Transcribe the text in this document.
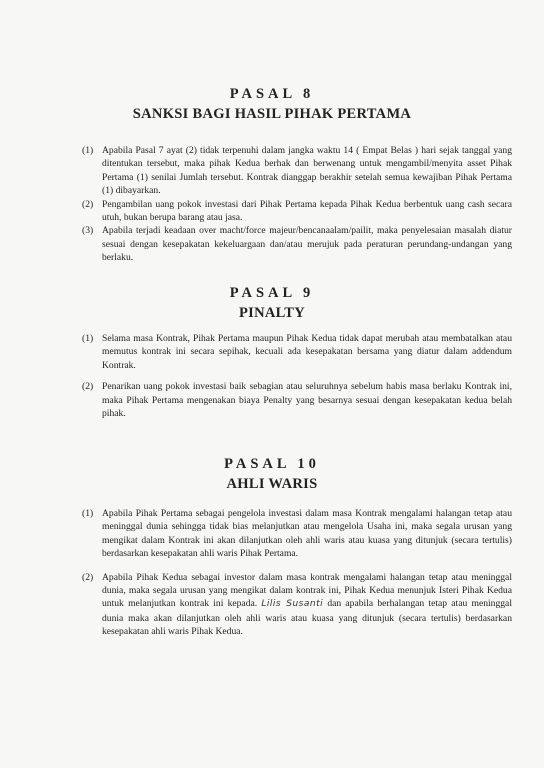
PASAL 8
SANKSI BAGI HASIL PIHAK PERTAMA
(1) Apabila Pasal 7 ayat (2) tidak terpenuhi dalam jangka waktu 14 ( Empat Belas ) hari sejak tanggal yang ditentukan tersebut, maka pihak Kedua berhak dan berwenang untuk mengambil/menyita asset Pihak Pertama (1) senilai Jumlah tersebut. Kontrak dianggap berakhir setelah semua kewajiban Pihak Pertama (1) dibayarkan.
(2) Pengambilan uang pokok investasi dari Pihak Pertama kepada Pihak Kedua berbentuk uang cash secara utuh, bukan berupa barang atau jasa.
(3) Apabila terjadi keadaan over macht/force majeur/bencanaalam/pailit, maka penyelesaian masalah diatur sesuai dengan kesepakatan kekeluargaan dan/atau merujuk pada peraturan perundang-undangan yang berlaku.
PASAL 9
PINALTY
(1) Selama masa Kontrak, Pihak Pertama maupun Pihak Kedua tidak dapat merubah atau membatalkan atau memutus kontrak ini secara sepihak, kecuali ada kesepakatan bersama yang diatur dalam addendum Kontrak.
(2) Penarikan uang pokok investasi baik sebagian atau seluruhnya sebelum habis masa berlaku Kontrak ini, maka Pihak Pertama mengenakan biaya Penalty yang besarnya sesuai dengan kesepakatan kedua belah pihak.
PASAL 10
AHLI WARIS
(1) Apabila Pihak Pertama sebagai pengelola investasi dalam masa Kontrak mengalami halangan tetap atau meninggal dunia sehingga tidak bias melanjutkan atau mengelola Usaha ini, maka segala urusan yang mengikat dalam Kontrak ini akan dilanjutkan oleh ahli waris atau kuasa yang ditunjuk (secara tertulis) berdasarkan kesepakatan ahli waris Pihak Pertama.
(2) Apabila Pihak Kedua sebagai investor dalam masa kontrak mengalami halangan tetap atau meninggal dunia, maka segala urusan yang mengikat dalam kontrak ini, Pihak Kedua menunjuk Isteri Pihak Kedua untuk melanjutkan kontrak ini kepada. Lilis Susanti dan apabila berhalangan tetap atau meninggal dunia maka akan dilanjutkan oleh ahli waris atau kuasa yang ditunjuk (secara tertulis) berdasarkan kesepakatan ahli waris Pihak Kedua.
